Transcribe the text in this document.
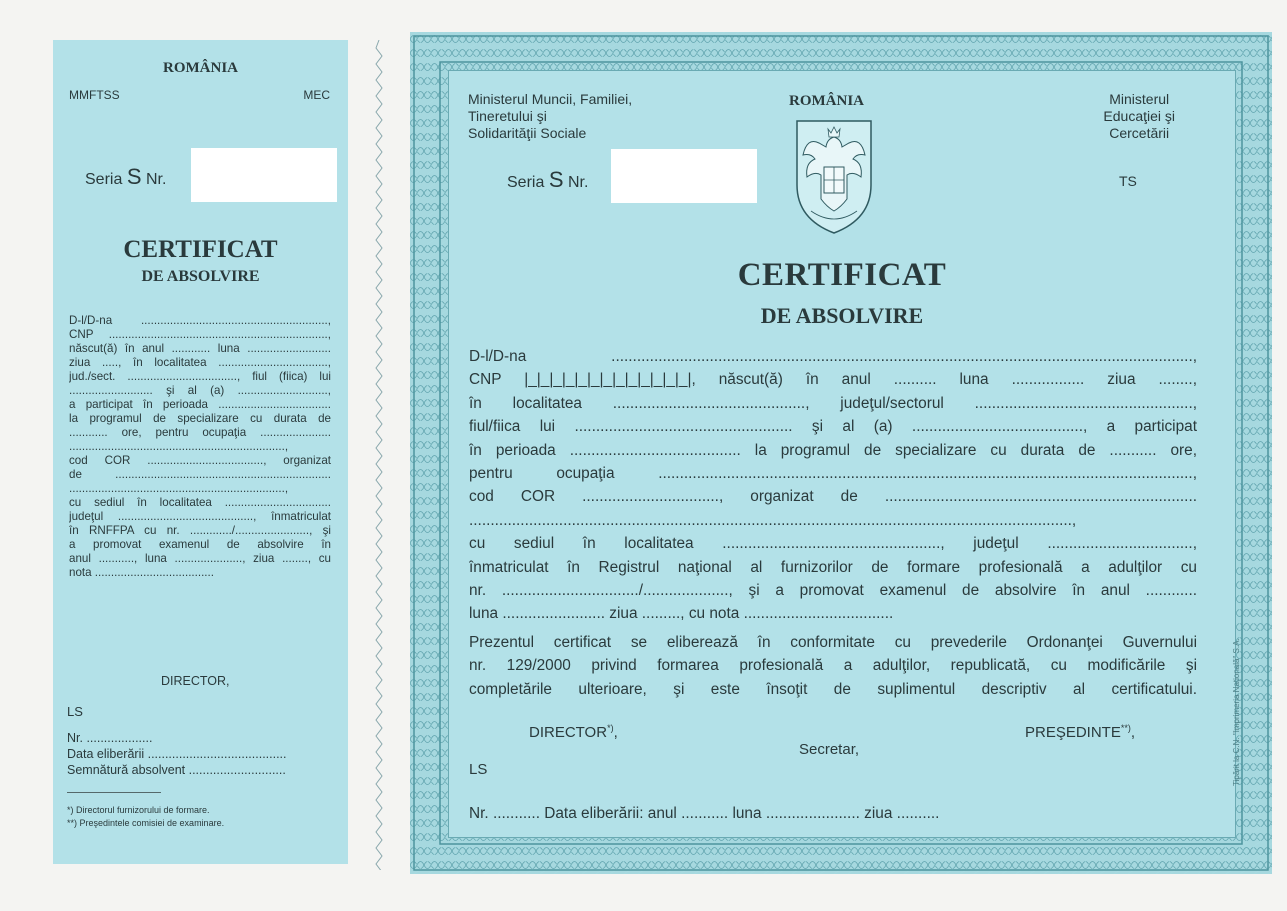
ROMÂNIA
MMFTSS	MEC
Seria S Nr.
CERTIFICAT
DE ABSOLVIRE
D-l/D-na ..........................................................,
CNP ....................................................................,
născut(ă) în anul ............ luna ..........................
ziua ....., în localitatea ..................................,
jud./sect. .................................., fiul (fiica) lui
.......................... şi al (a) ............................,
a participat în perioada ...................................
la programul de specializare cu durata de
............ ore, pentru ocupaţia ......................
...................................................................,
cod COR ...................................., organizat
de ...................................................................
...................................................................,
cu sediul în localitatea .................................
judeţul .........................................., înmatriculat
în RNFFPA cu nr. ............./......................., şi
a promovat examenul de absolvire în
anul ..........., luna ....................., ziua ........, cu
nota .....................................
DIRECTOR,
LS
Nr. ...................
Data eliberării ........................................
Semnătură absolvent ............................
*) Directorul furnizorului de formare.
**) Preşedintele comisiei de examinare.
Ministerul Muncii, Familiei,
Tineretului şi
Solidarităţii Sociale
ROMÂNIA	Ministerul
Educaţiei şi
Cercetării
TS
Seria S Nr.
CERTIFICAT
DE ABSOLVIRE
D-l/D-na ........................................................................................................................................,
CNP |_|_|_|_|_|_|_|_|_|_|_|_|_|, născut(ă) în anul .......... luna ................. ziua ........,
în localitatea ............................................., judeţul/sectorul ...................................................,
fiul/fiica lui ................................................... şi al (a) ........................................, a participat
în perioada ........................................ la programul de specializare cu durata de ........... ore,
pentru ocupaţia .............................................................................................................................,
cod COR ................................, organizat de .........................................................................
.............................................................................................................................................,
cu sediul în localitatea ..................................................., judeţul ..................................,
înmatriculat în Registrul naţional al furnizorilor de formare profesională a adulţilor cu
nr. ................................/...................., şi a promovat examenul de absolvire în anul ............
luna ........................ ziua ........., cu nota ...................................
Prezentul certificat se eliberează în conformitate cu prevederile Ordonanţei Guvernului
nr. 129/2000 privind formarea profesională a adulţilor, republicată, cu modificările şi
completările ulterioare, şi este însoţit de suplimentul descriptiv al certificatului.
DIRECTOR*),
Secretar,
PREŞEDINTE**),
LS
Nr. ........... Data eliberării: anul ........... luna ...................... ziua ..........
Tipărit la C.N. "Imprimeria Naţională" S.A.
